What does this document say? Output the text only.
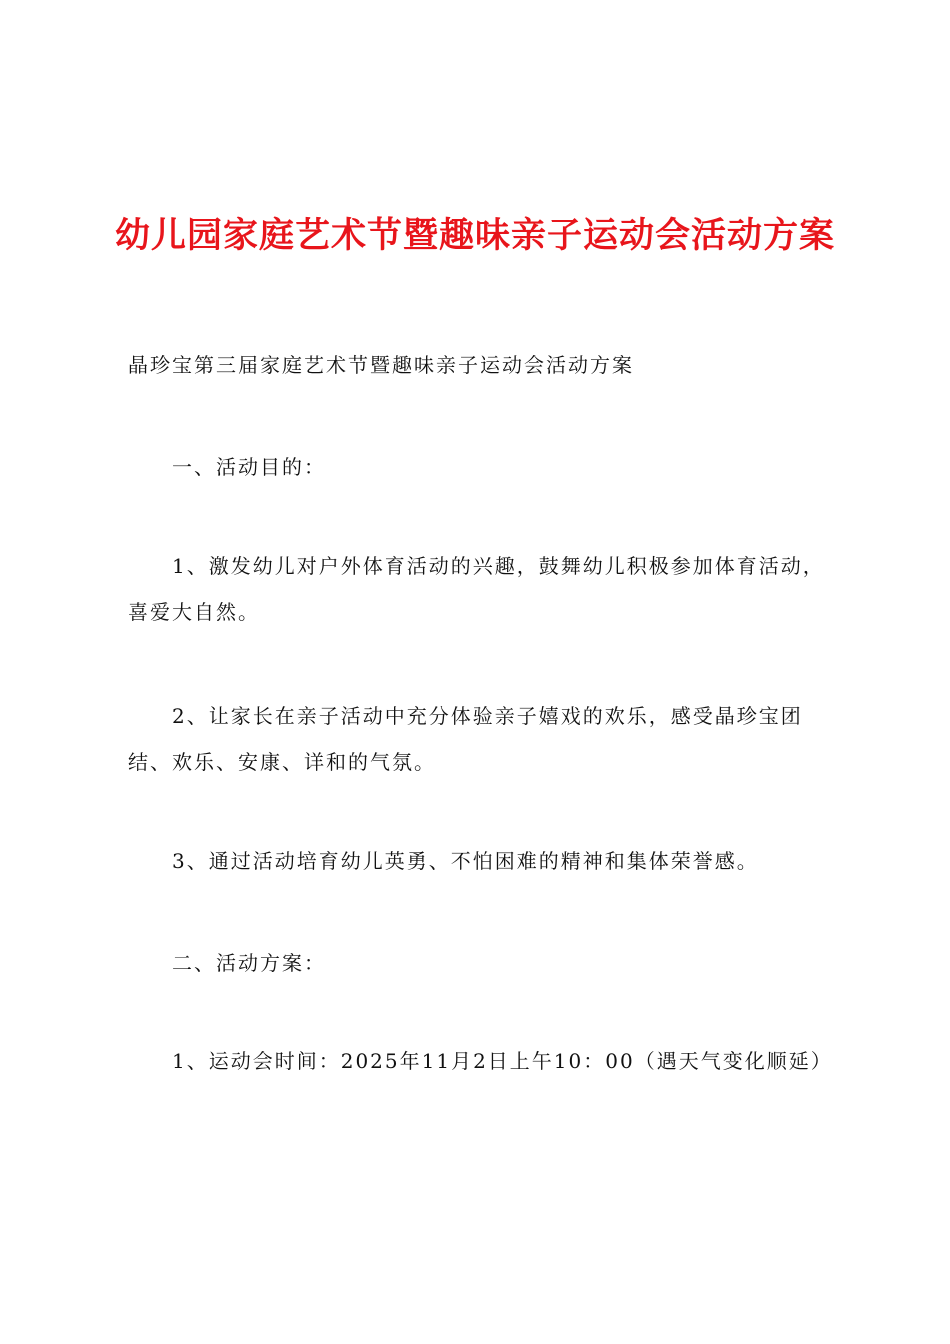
幼儿园家庭艺术节暨趣味亲子运动会活动方案

晶珍宝第三届家庭艺术节暨趣味亲子运动会活动方案

一、活动目的：

1、激发幼儿对户外体育活动的兴趣，鼓舞幼儿积极参加体育活动，喜爱大自然。

2、让家长在亲子活动中充分体验亲子嬉戏的欢乐，感受晶珍宝团结、欢乐、安康、详和的气氛。

3、通过活动培育幼儿英勇、不怕困难的精神和集体荣誉感。

二、活动方案：

1、运动会时间：2025年11月2日上午10：00（遇天气变化顺延）
